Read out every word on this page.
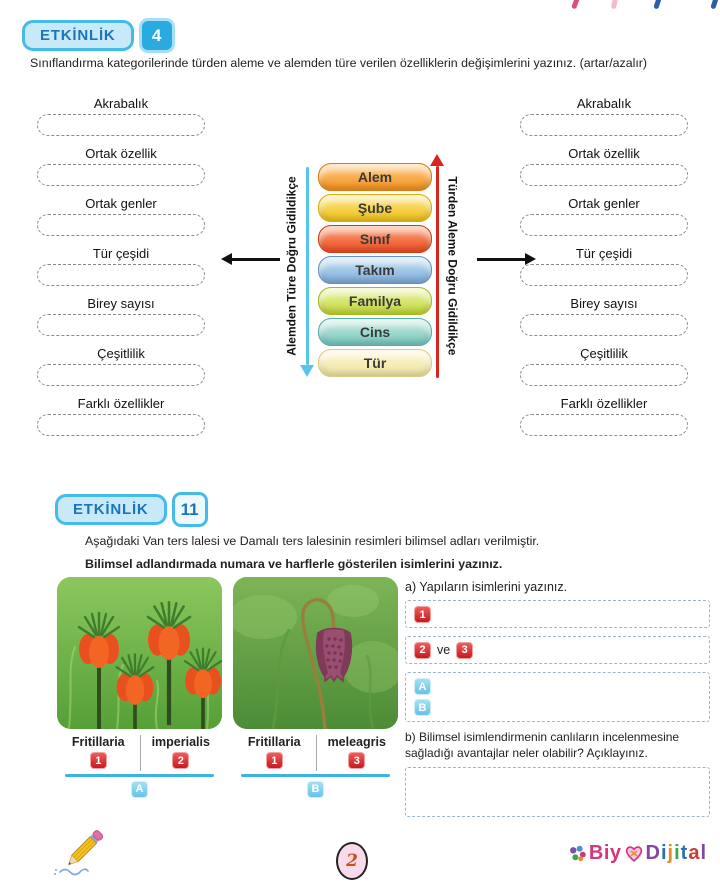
ETKİNLİK	4
Sınıflandırma kategorilerinde türden aleme ve alemden türe verilen özelliklerin değişimlerini yazınız. (artar/azalır)
Akrabalık
Ortak özellik
Ortak genler
Tür çeşidi
Birey sayısı
Çeşitlilik
Farklı özellikler
Akrabalık
Ortak özellik
Ortak genler
Tür çeşidi
Birey sayısı
Çeşitlilik
Farklı özellikler
Alemden Türe Doğru Gidildikçe	Türden Aleme Doğru Gidildikçe
Alem
Şube
Sınıf
Takım
Familya
Cins
Tür
ETKİNLİK	11
Aşağıdaki Van ters lalesi ve Damalı ters lalesinin resimleri bilimsel adları verilmiştir.
Bilimsel adlandırmada numara ve harflerle gösterilen isimlerini yazınız.
Fritillaria	imperialis
1	2
A
Fritillaria	meleagris
1	3
B
a) Yapıların isimlerini yazınız.
1
2 ve	3
A
B
b) Bilimsel isimlendirmenin canlıların incelenmesine sağladığı avantajlar neler olabilir? Açıklayınız.
2	Biy D i j i t a l
